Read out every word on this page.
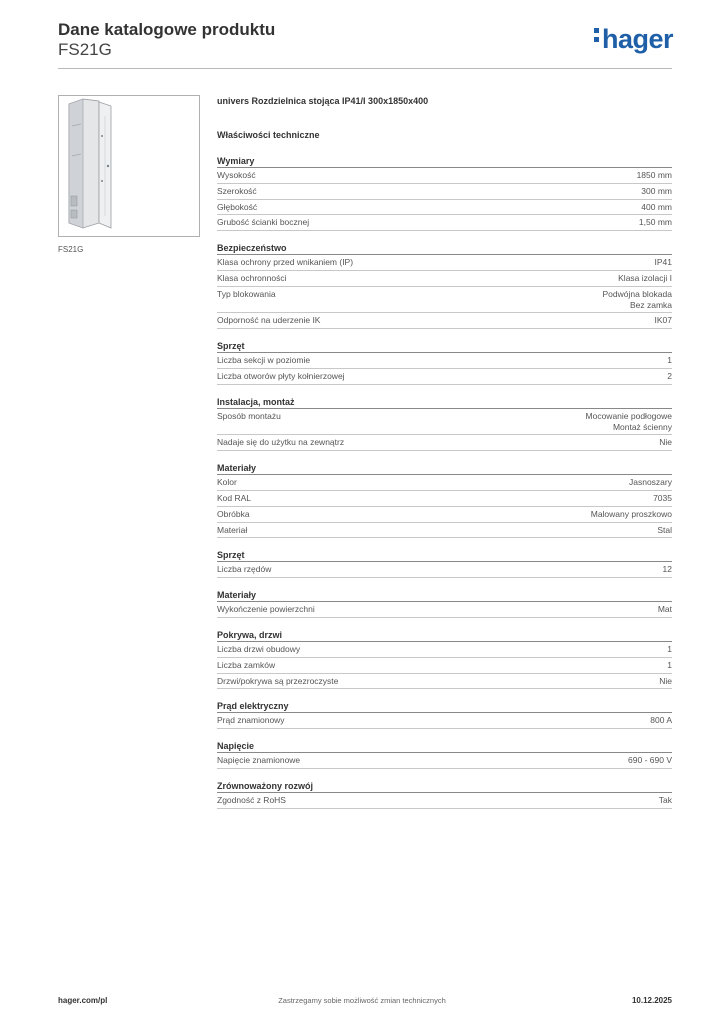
Dane katalogowe produktu
FS21G	hager
FS21G
univers Rozdzielnica stojąca IP41/I 300x1850x400
Właściwości techniczne
Wymiary
Wysokość	1850 mm
Szerokość	300 mm
Głębokość	400 mm
Grubość ścianki bocznej	1,50 mm
Bezpieczeństwo
Klasa ochrony przed wnikaniem (IP)	IP41
Klasa ochronności	Klasa izolacji I
Typ blokowania	Podwójna blokada
Bez zamka
Odporność na uderzenie IK	IK07
Sprzęt
Liczba sekcji w poziomie	1
Liczba otworów płyty kołnierzowej	2
Instalacja, montaż
Sposób montażu	Mocowanie podłogowe
Montaż ścienny
Nadaje się do użytku na zewnątrz	Nie
Materiały
Kolor	Jasnoszary
Kod RAL	7035
Obróbka	Malowany proszkowo
Materiał	Stal
Sprzęt
Liczba rzędów	12
Materiały
Wykończenie powierzchni	Mat
Pokrywa, drzwi
Liczba drzwi obudowy	1
Liczba zamków	1
Drzwi/pokrywa są przezroczyste	Nie
Prąd elektryczny
Prąd znamionowy	800 A
Napięcie
Napięcie znamionowe	690 - 690 V
Zrównoważony rozwój
Zgodność z RoHS	Tak
hager.com/pl	Zastrzegamy sobie możliwość zmian technicznych	10.12.2025
